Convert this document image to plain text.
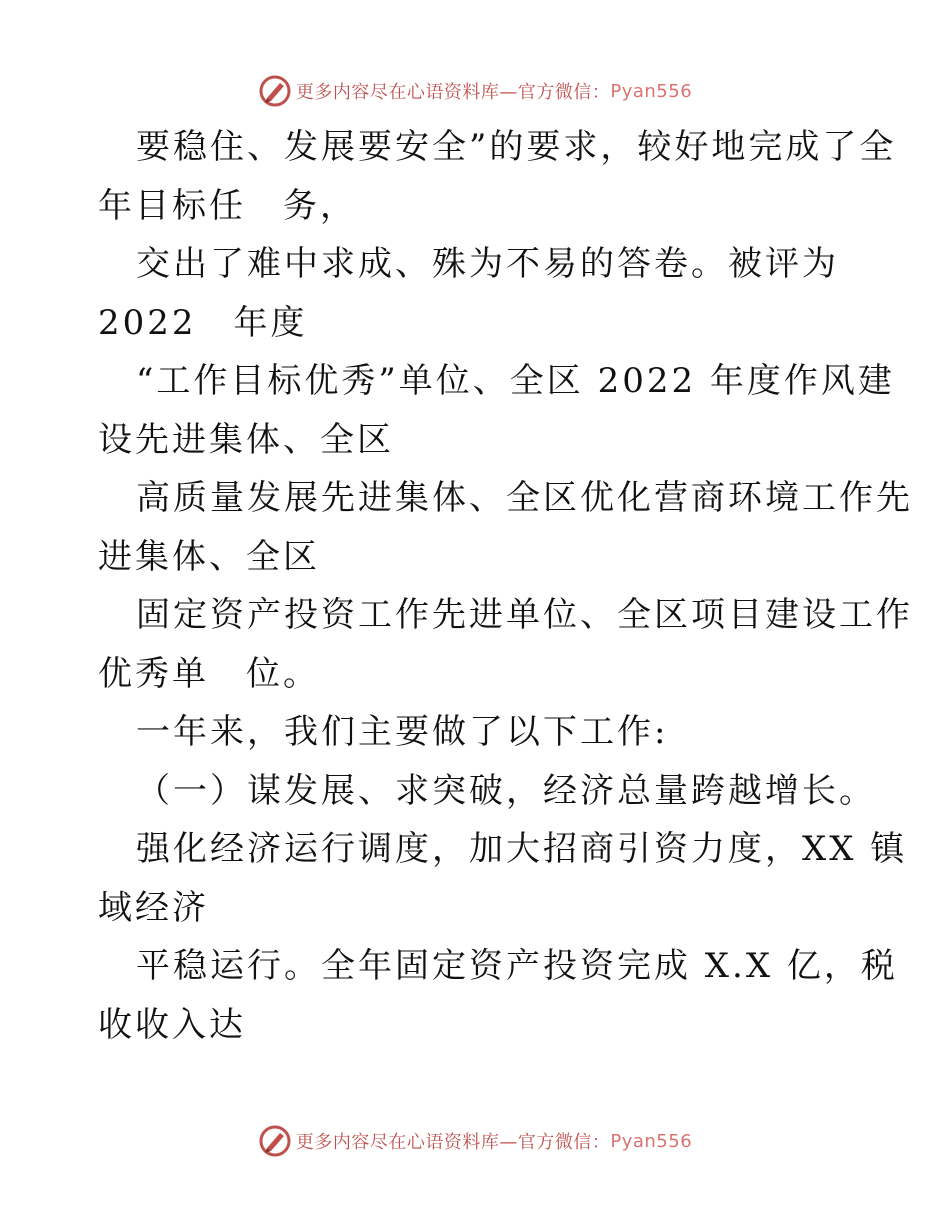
更多内容尽在心语资料库—官方微信： Pyan556
要稳住、发展要安全”的要求，较好地完成了全
年目标任　务，
交出了难中求成、殊为不易的答卷。被评为
2022　年度
“工作目标优秀”单位、全区 2022 年度作风建
设先进集体、全区
高质量发展先进集体、全区优化营商环境工作先
进集体、全区
固定资产投资工作先进单位、全区项目建设工作
优秀单　位。
一年来，我们主要做了以下工作:
（一）谋发展、求突破，经济总量跨越增长。
强化经济运行调度，加大招商引资力度，XX 镇
域经济
平稳运行。全年固定资产投资完成 X.X 亿，税
收收入达
更多内容尽在心语资料库—官方微信： Pyan556
